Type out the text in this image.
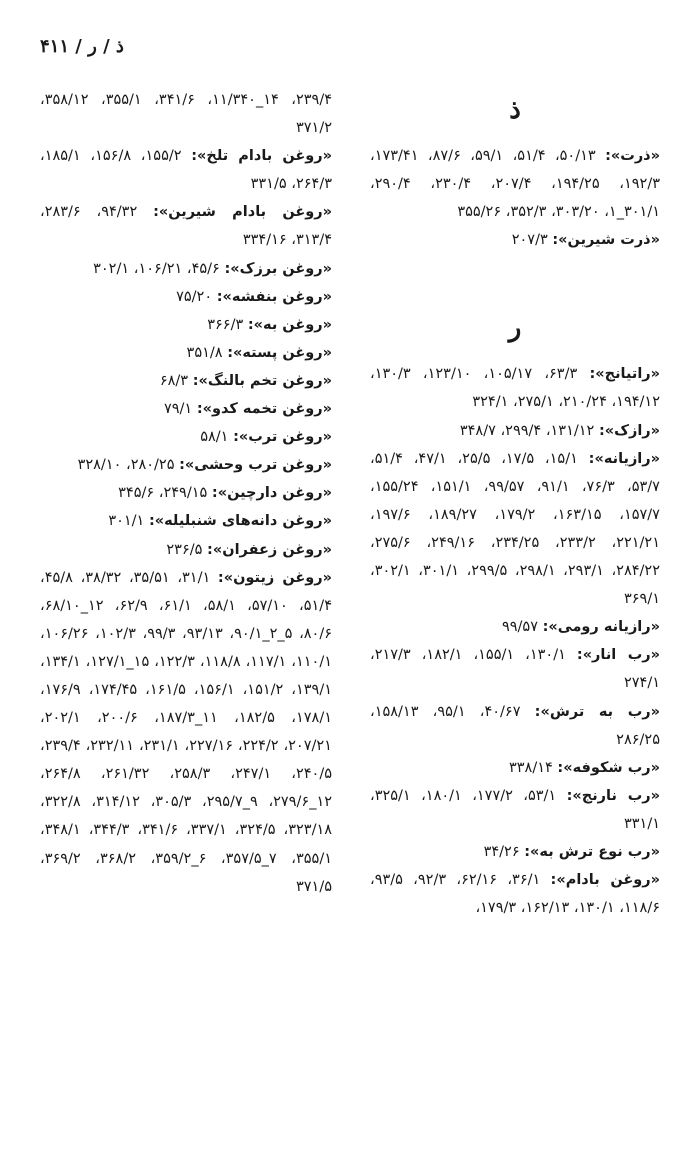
ذ / ر / ۴۱۱
ذ

«ذرت»: ۵۰/۱۳، ۵۱/۴، ۵۹/۱، ۸۷/۶، ۱۷۳/۴۱، ۱۹۲/۳، ۱۹۴/۲۵، ۲۰۷/۴، ۲۳۰/۴، ۲۹۰/۴، ۳۰۱/۱_۱، ۳۰۳/۲۰، ۳۵۲/۳، ۳۵۵/۲۶

«ذرت شیرین»: ۲۰۷/۳

ر

«راتیانج»: ۶۳/۳، ۱۰۵/۱۷، ۱۲۳/۱۰، ۱۳۰/۳، ۱۹۴/۱۲، ۲۱۰/۲۴، ۲۷۵/۱، ۳۲۴/۱

«رازک»: ۱۳۱/۱۲، ۲۹۹/۴، ۳۴۸/۷

«رازیانه»: ۱۵/۱، ۱۷/۵، ۲۵/۵، ۴۷/۱، ۵۱/۴، ۵۳/۷، ۷۶/۳، ۹۱/۱، ۹۹/۵۷، ۱۵۱/۱، ۱۵۵/۲۴، ۱۵۷/۷، ۱۶۳/۱۵، ۱۷۹/۲، ۱۸۹/۲۷، ۱۹۷/۶، ۲۲۱/۲۱، ۲۳۳/۲، ۲۳۴/۲۵، ۲۴۹/۱۶، ۲۷۵/۶، ۲۸۴/۲۲، ۲۹۳/۱، ۲۹۸/۱، ۲۹۹/۵، ۳۰۱/۱، ۳۰۲/۱، ۳۶۹/۱

«رازیانه رومی»: ۹۹/۵۷

«رب انار»: ۱۳۰/۱، ۱۵۵/۱، ۱۸۲/۱، ۲۱۷/۳، ۲۷۴/۱

«رب به ترش»: ۴۰/۶۷، ۹۵/۱، ۱۵۸/۱۳، ۲۸۶/۲۵

«رب شکوفه»: ۳۳۸/۱۴

«رب نارنج»: ۵۳/۱، ۱۷۷/۲، ۱۸۰/۱، ۳۲۵/۱، ۳۳۱/۱

«رب نوع ترش به»: ۳۴/۲۶

«روغن بادام»: ۳۶/۱، ۶۲/۱۶، ۹۲/۳، ۹۳/۵، ۱۱۸/۶، ۱۳۰/۱، ۱۶۲/۱۳، ۱۷۹/۳،

۲۳۹/۴، ۱۴_۱۱/۳۴۰، ۳۴۱/۶، ۳۵۵/۱، ۳۵۸/۱۲، ۳۷۱/۲

«روغن بادام تلخ»: ۱۵۵/۲، ۱۵۶/۸، ۱۸۵/۱، ۲۶۴/۳، ۳۳۱/۵

«روغن بادام شیرین»: ۹۴/۳۲، ۲۸۳/۶، ۳۱۳/۴، ۳۳۴/۱۶

«روغن برزک»: ۴۵/۶، ۱۰۶/۲۱، ۳۰۲/۱

«روغن بنفشه»: ۷۵/۲۰

«روغن به»: ۳۶۶/۳

«روغن پسته»: ۳۵۱/۸

«روغن تخم بالنگ»: ۶۸/۳

«روغن تخمه کدو»: ۷۹/۱

«روغن ترب»: ۵۸/۱

«روغن ترب وحشی»: ۲۸۰/۲۵، ۳۲۸/۱۰

«روغن دارچین»: ۲۴۹/۱۵، ۳۴۵/۶

«روغن دانه‌های شنبلیله»: ۳۰۱/۱

«روغن زعفران»: ۲۳۶/۵

«روغن زیتون»: ۳۱/۱، ۳۵/۵۱، ۳۸/۳۲، ۴۵/۸، ۵۱/۴، ۵۷/۱۰، ۵۸/۱، ۶۱/۱، ۶۲/۹، ۱۲_۶۸/۱۰، ۸۰/۶، ۵_۲_۹۰/۱، ۹۳/۱۳، ۹۹/۳، ۱۰۲/۳، ۱۰۶/۲۶، ۱۱۰/۱، ۱۱۷/۱، ۱۱۸/۸، ۱۲۲/۳، ۱۵_۱۲۷/۱، ۱۳۴/۱، ۱۳۹/۱، ۱۵۱/۲، ۱۵۶/۱، ۱۶۱/۵، ۱۷۴/۴۵، ۱۷۶/۹، ۱۷۸/۱، ۱۸۲/۵، ۱۱_۱۸۷/۳، ۲۰۰/۶، ۲۰۲/۱، ۲۰۷/۲۱، ۲۲۴/۲، ۲۲۷/۱۶، ۲۳۱/۱، ۲۳۲/۱۱، ۲۳۹/۴، ۲۴۰/۵، ۲۴۷/۱، ۲۵۸/۳، ۲۶۱/۳۲، ۲۶۴/۸، ۱۲_۲۷۹/۶، ۹_۲۹۵/۷، ۳۰۵/۳، ۳۱۴/۱۲، ۳۲۲/۸، ۳۲۳/۱۸، ۳۲۴/۵، ۳۳۷/۱، ۳۴۱/۶، ۳۴۴/۳، ۳۴۸/۱، ۳۵۵/۱، ۷_۳۵۷/۵، ۶_۳۵۹/۲، ۳۶۸/۲، ۳۶۹/۲، ۳۷۱/۵
